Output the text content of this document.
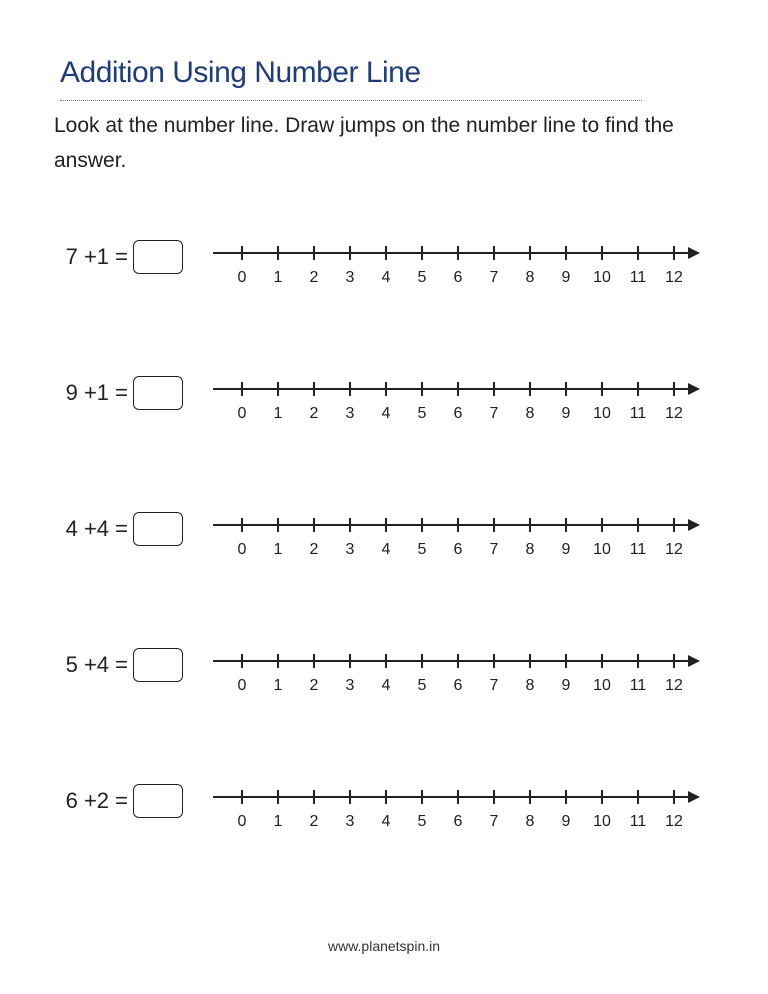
Addition Using Number Line
Look at the number line. Draw jumps on the number line to find the answer.
7 +1 =
0 1 2 3 4 5 6 7 8 9 10 11 12
9 +1 =
0 1 2 3 4 5 6 7 8 9 10 11 12
4 +4 =
0 1 2 3 4 5 6 7 8 9 10 11 12
5 +4 =
0 1 2 3 4 5 6 7 8 9 10 11 12
6 +2 =
0 1 2 3 4 5 6 7 8 9 10 11 12
www.planetspin.in
